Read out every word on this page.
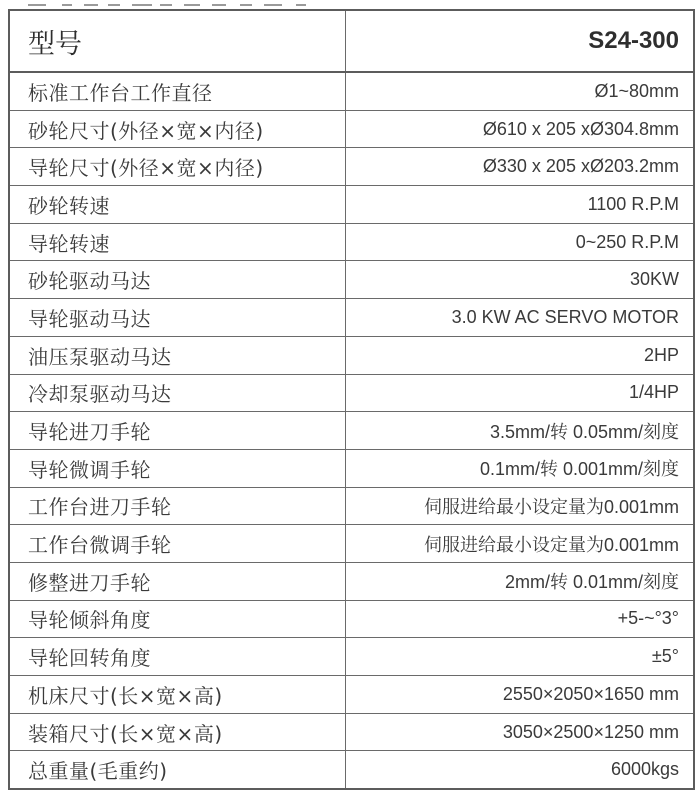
型号	S24-300
标准工作台工作直径	Ø1~80mm
砂轮尺寸(外径×宽×内径)	Ø610 x 205 xØ304.8mm
导轮尺寸(外径×宽×内径)	Ø330 x 205 xØ203.2mm
砂轮转速	1100 R.P.M
导轮转速	0~250 R.P.M
砂轮驱动马达	30KW
导轮驱动马达	3.0 KW AC SERVO MOTOR
油压泵驱动马达	2HP
冷却泵驱动马达	1/4HP
导轮进刀手轮	3.5mm/转 0.05mm/刻度
导轮微调手轮	0.1mm/转 0.001mm/刻度
工作台进刀手轮	伺服进给最小设定量为0.001mm
工作台微调手轮	伺服进给最小设定量为0.001mm
修整进刀手轮	2mm/转 0.01mm/刻度
导轮倾斜角度	+5-~°3°
导轮回转角度	±5°
机床尺寸(长×宽×高)	2550×2050×1650 mm
装箱尺寸(长×宽×高)	3050×2500×1250 mm
总重量(毛重约)	6000kgs
